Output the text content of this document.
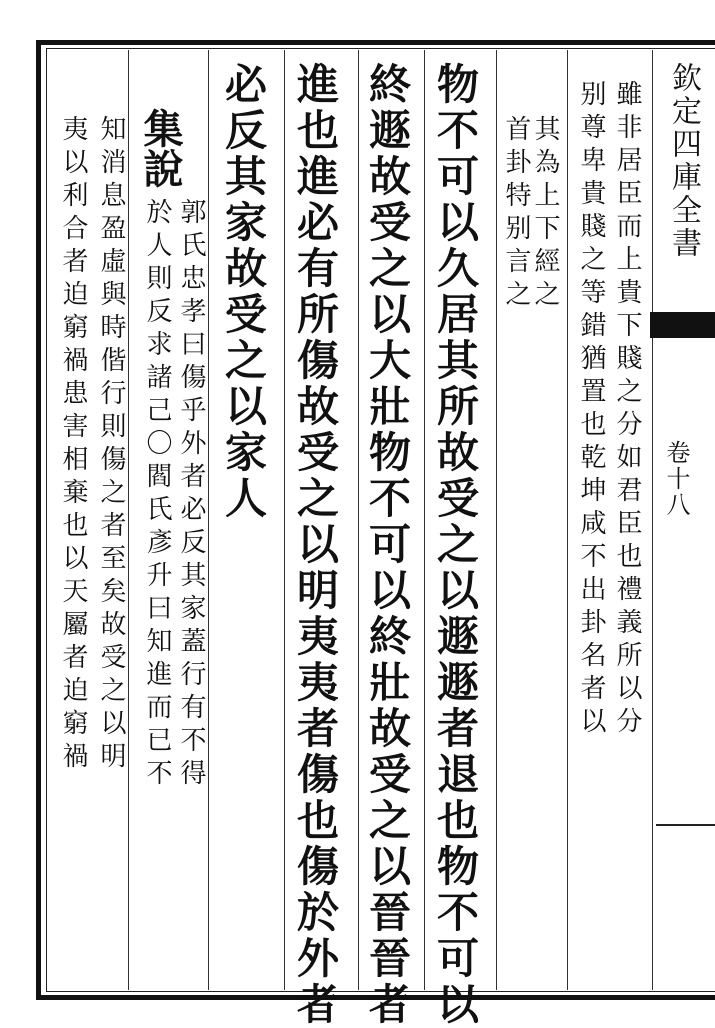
欽定四庫全書
卷十八
雖非居臣而上貴下賤之分如君臣也禮義所以分
别尊卑貴賤之等錯猶置也乾坤咸不出卦名者以
其為上下經之
首卦特别言之
物不可以久居其所故受之以遯遯者退也物不可以
終遯故受之以大壯物不可以終壯故受之以晉晉者
進也進必有所傷故受之以明夷夷者傷也傷於外者
必反其家故受之以家人
集說
郭氏忠孝曰傷乎外者必反其家蓋行有不得
於人則反求諸己〇閻氏彥升曰知進而已不
知消息盈虛與時偕行則傷之者至矣故受之以明
夷以利合者迫窮禍患害相棄也以天屬者迫窮禍
